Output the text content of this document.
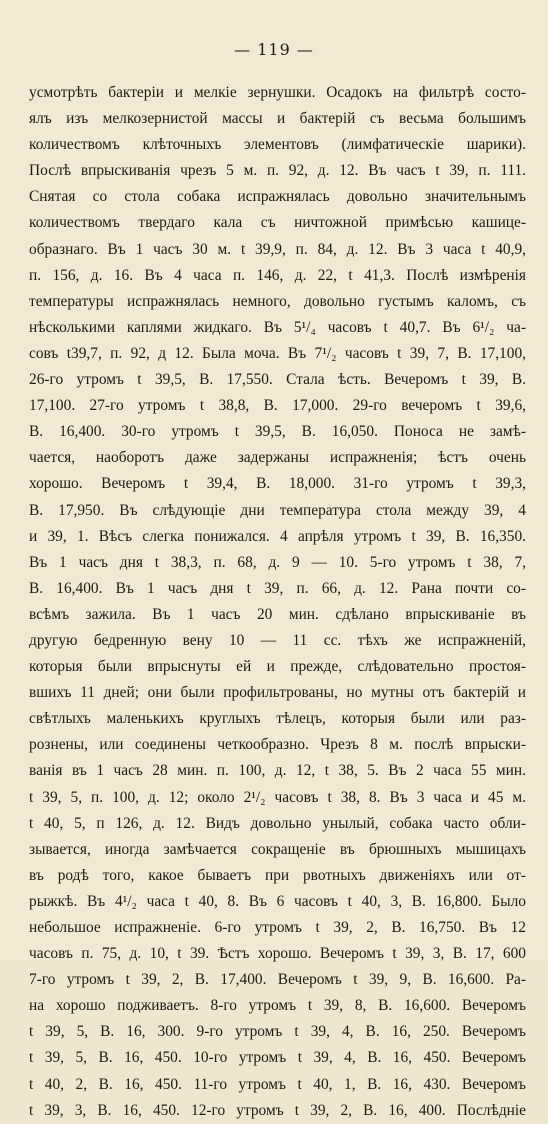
— 119 —
усмотрѣть бактеріи и мелкіе зернушки. Осадокъ на фильтрѣ состо-
ялъ изъ мелкозернистой массы и бактерій съ весьма большимъ
количествомъ клѣточныхъ элементовъ (лимфатическіе шарики).
Послѣ впрыскиванія чрезъ 5 м. п. 92, д. 12. Въ часъ t 39, п. 111.
Снятая со стола собака испражнялась довольно значительнымъ
количествомъ твердаго кала съ ничтожной примѣсью кашице-
образнаго. Въ 1 часъ 30 м. t 39,9, п. 84, д. 12. Въ 3 часа t 40,9,
п. 156, д. 16. Въ 4 часа п. 146, д. 22, t 41,3. Послѣ измѣренія
температуры испражнялась немного, довольно густымъ каломъ, съ
нѣсколькими каплями жидкаго. Въ 5¹/₄ часовъ t 40,7. Въ 6¹/₂ ча-
совъ t39,7, п. 92, д 12. Была моча. Въ 7¹/₂ часовъ t 39, 7, В. 17,100,
26-го утромъ t 39,5, В. 17,550. Стала ѣсть. Вечеромъ t 39, В.
17,100. 27-го утромъ t 38,8, В. 17,000. 29-го вечеромъ t 39,6,
В. 16,400. 30-го утромъ t 39,5, В. 16,050. Поноса не замѣ-
чается, наоборотъ даже задержаны испражненія; ѣстъ очень
хорошо. Вечеромъ t 39,4, В. 18,000. 31-го утромъ t 39,3,
В. 17,950. Въ слѣдующіе дни температура стола между 39, 4
и 39, 1. Вѣсъ слегка понижался. 4 апрѣля утромъ t 39, В. 16,350.
Въ 1 часъ дня t 38,3, п. 68, д. 9 — 10. 5-го утромъ t 38, 7,
В. 16,400. Въ 1 часъ дня t 39, п. 66, д. 12. Рана почти со-
всѣмъ зажила. Въ 1 часъ 20 мин. сдѣлано впрыскиваніе въ
другую бедренную вену 10 — 11 сс. тѣхъ же испражненій,
которыя были впрыснуты ей и прежде, слѣдовательно простоя-
вшихъ 11 дней; они были профильтрованы, но мутны отъ бактерій и
свѣтлыхъ маленькихъ круглыхъ тѣлецъ, которыя были или раз-
рознены, или соединены четкообразно. Чрезъ 8 м. послѣ впрыски-
ванія въ 1 часъ 28 мин. п. 100, д. 12, t 38, 5. Въ 2 часа 55 мин.
t 39, 5, п. 100, д. 12; около 2¹/₂ часовъ t 38, 8. Въ 3 часа и 45 м.
t 40, 5, п 126, д. 12. Видъ довольно унылый, собака часто обли-
зывается, иногда замѣчается сокращеніе въ брюшныхъ мышицахъ
въ родѣ того, какое бываетъ при рвотныхъ движеніяхъ или от-
рыжкѣ. Въ 4¹/₂ часа t 40, 8. Въ 6 часовъ t 40, 3, В. 16,800. Было
небольшое испражненіе. 6-го утромъ t 39, 2, В. 16,750. Въ 12
часовъ п. 75, д. 10, t 39. Ѣстъ хорошо. Вечеромъ t 39, 3, В. 17, 600
7-го утромъ t 39, 2, В. 17,400. Вечеромъ t 39, 9, В. 16,600. Ра-
на хорошо подживаетъ. 8-го утромъ t 39, 8, В. 16,600. Вечеромъ
t 39, 5, В. 16, 300. 9-го утромъ t 39, 4, В. 16, 250. Вечеромъ
t 39, 5, В. 16, 450. 10-го утромъ t 39, 4, В. 16, 450. Вечеромъ
t 40, 2, В. 16, 450. 11-го утромъ t 40, 1, В. 16, 430. Вечеромъ
t 39, 3, В. 16, 450. 12-го утромъ t 39, 2, В. 16, 400. Послѣдніе
